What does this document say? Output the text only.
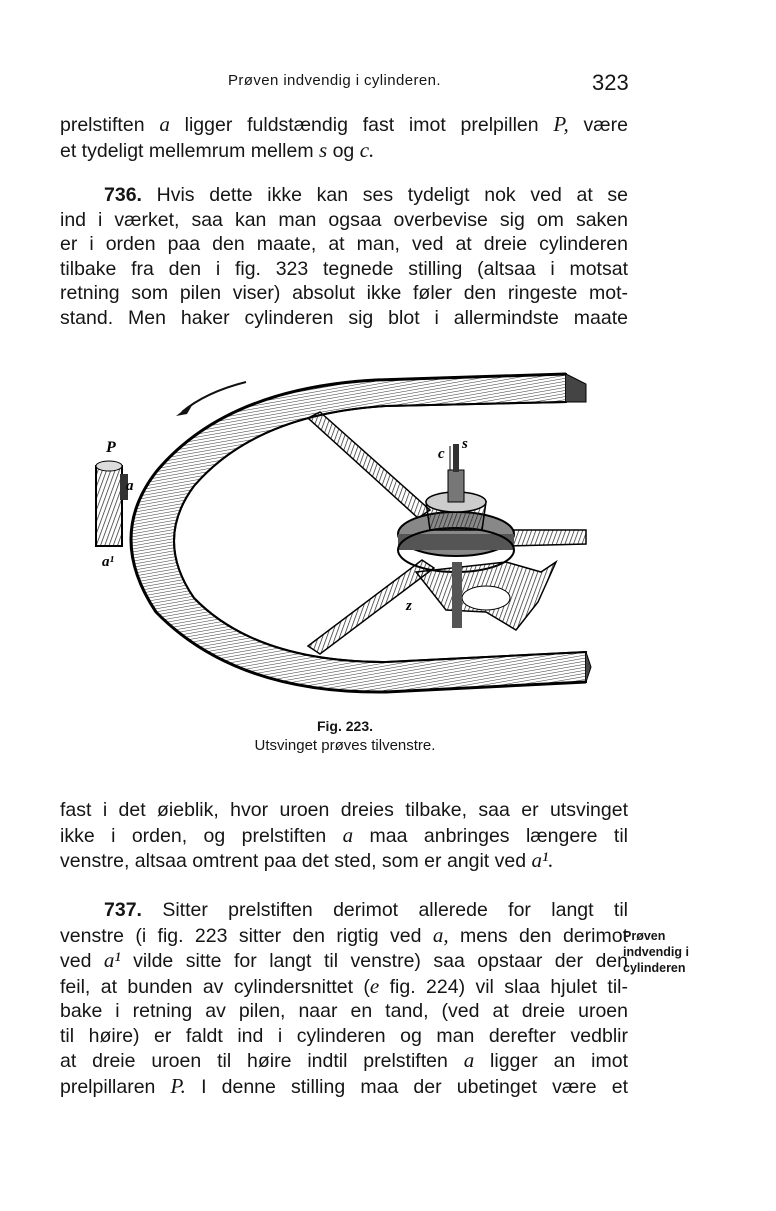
Prøven indvendig i cylinderen.	323
prelstiften a ligger fuldstændig fast imot prelpillen P, være
et tydeligt mellemrum mellem s og c.
736. Hvis dette ikke kan ses tydeligt nok ved at se
ind i værket, saa kan man ogsaa overbevise sig om saken
er i orden paa den maate, at man, ved at dreie cylinderen
tilbake fra den i fig. 323 tegnede stilling (altsaa i motsat
retning som pilen viser) absolut ikke føler den ringeste mot-
stand. Men haker cylinderen sig blot i allermindste maate
P
a
a¹
c
s
z
Fig. 223.
Utsvinget prøves tilvenstre.
fast i det øieblik, hvor uroen dreies tilbake, saa er utsvinget
ikke i orden, og prelstiften a maa anbringes længere til
venstre, altsaa omtrent paa det sted, som er angit ved a¹.
737. Sitter prelstiften derimot allerede for langt til
venstre (i fig. 223 sitter den rigtig ved a, mens den derimot
ved a¹ vilde sitte for langt til venstre) saa opstaar der den
feil, at bunden av cylindersnittet (e fig. 224) vil slaa hjulet til-
bake i retning av pilen, naar en tand, (ved at dreie uroen
til høire) er faldt ind i cylinderen og man derefter vedblir
at dreie uroen til høire indtil prelstiften a ligger an imot
prelpillaren P. I denne stilling maa der ubetinget være et
Prøven
indvendig i
cylinderen
